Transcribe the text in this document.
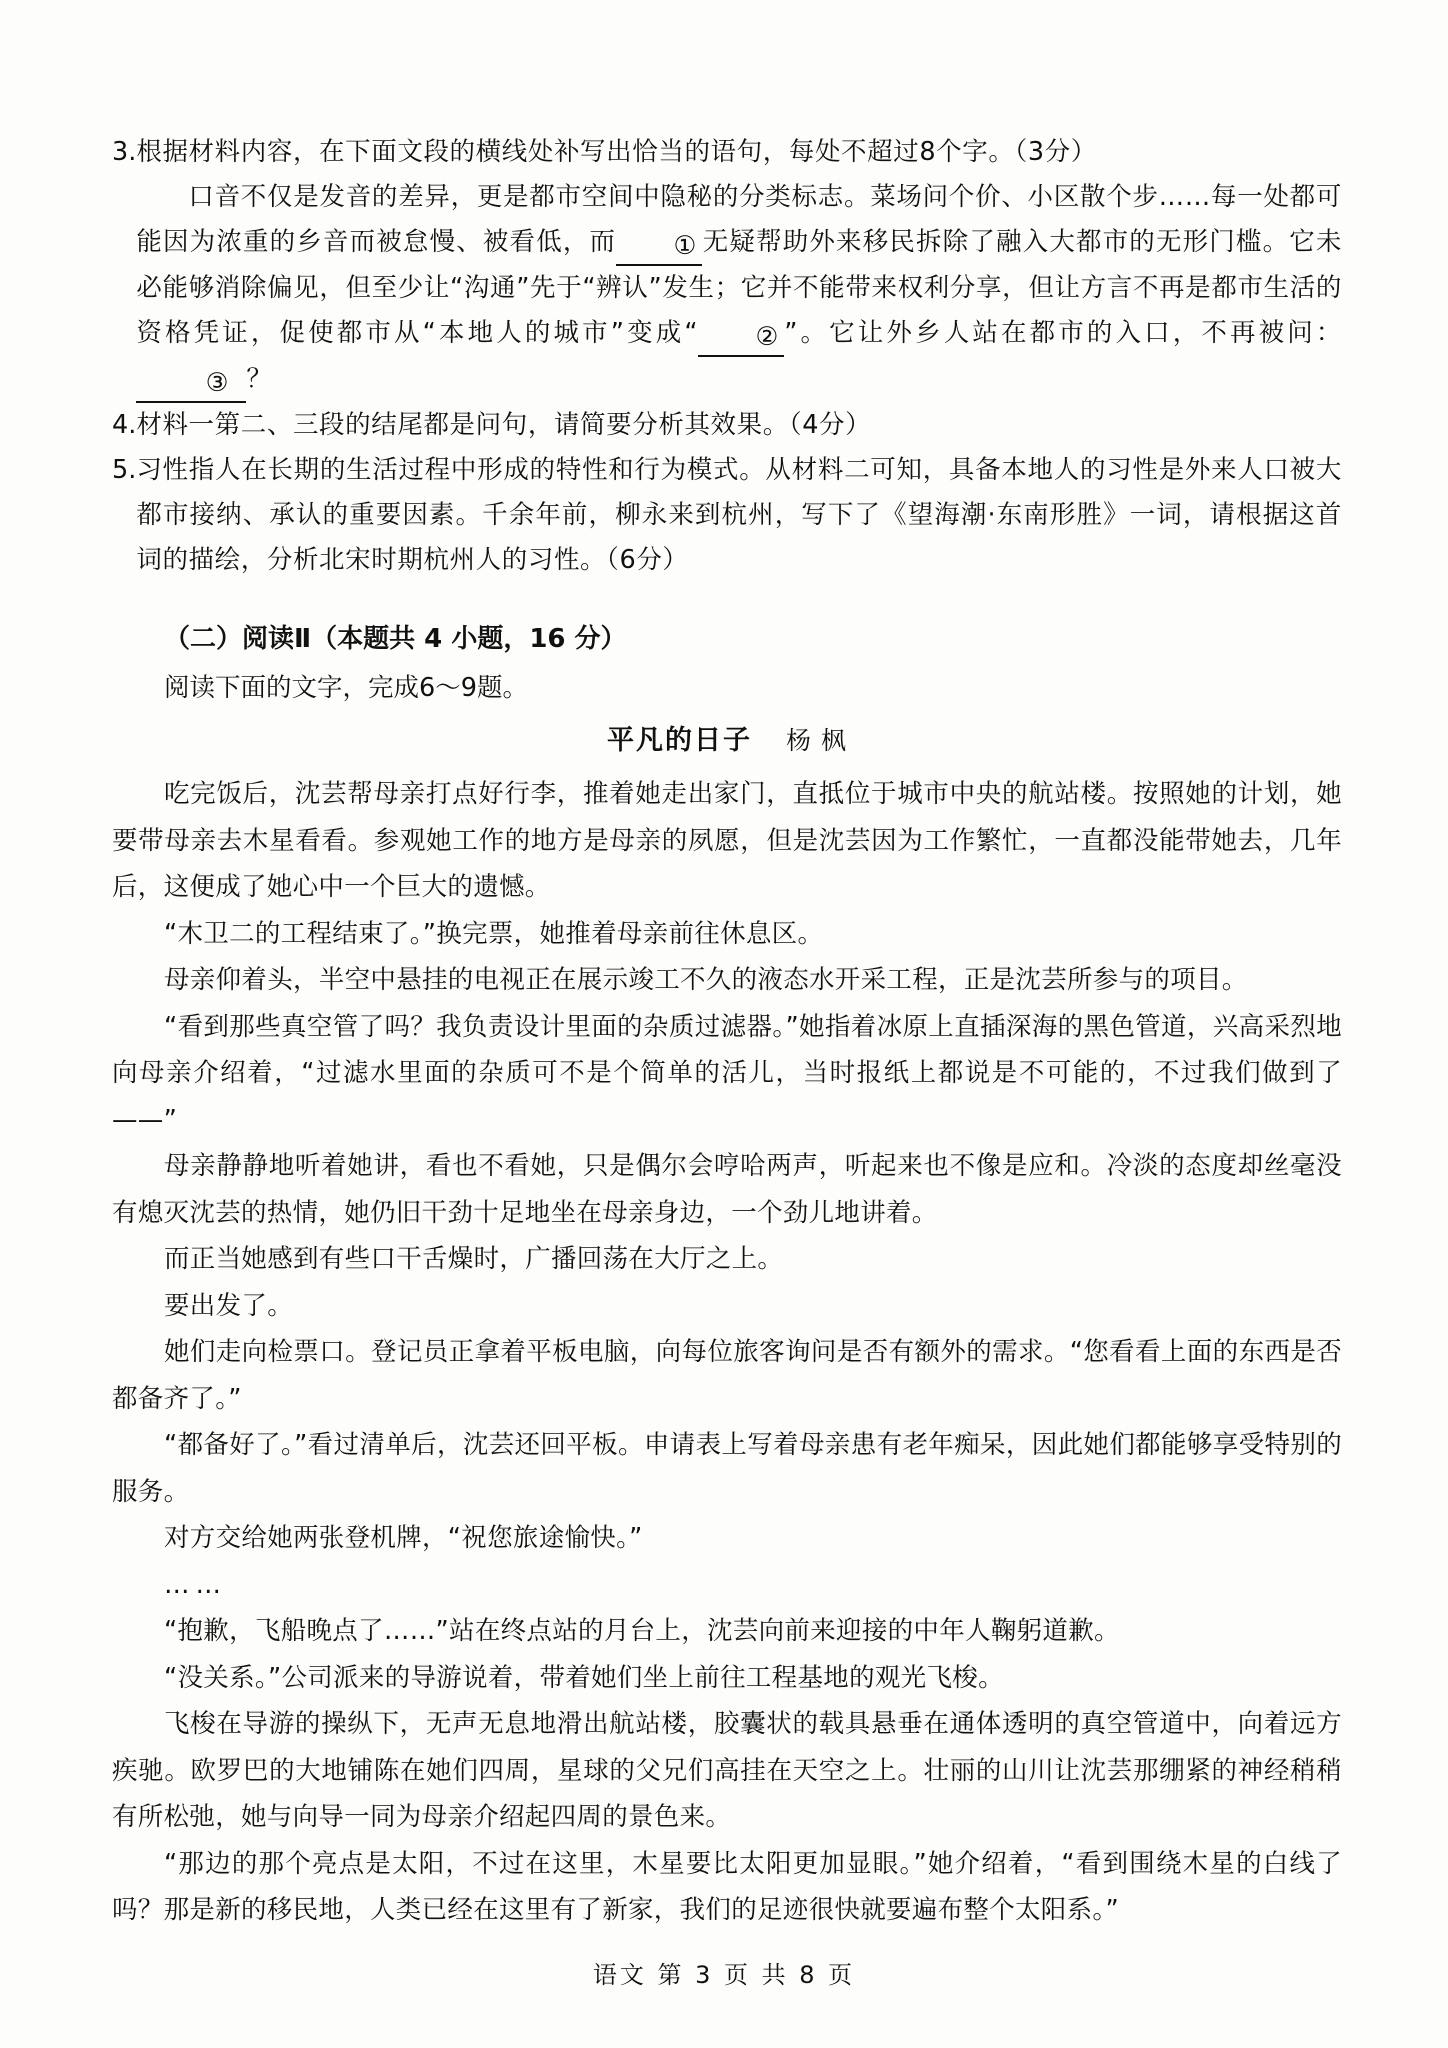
3. 根据材料内容，在下面文段的横线处补写出恰当的语句，每处不超过8个字。（3分）
口音不仅是发音的差异，更是都市空间中隐秘的分类标志。菜场问个价、小区散个步……每一处都可能因为浓重的乡音而被怠慢、被看低，而 ① 无疑帮助外来移民拆除了融入大都市的无形门槛。它未必能够消除偏见，但至少让“沟通”先于“辨认”发生；它并不能带来权利分享，但让方言不再是都市生活的资格凭证，促使都市从“本地人的城市”变成“ ② ”。它让外乡人站在都市的入口，不再被问：③ ？
4. 材料一第二、三段的结尾都是问句，请简要分析其效果。（4分）
5. 习性指人在长期的生活过程中形成的特性和行为模式。从材料二可知，具备本地人的习性是外来人口被大都市接纳、承认的重要因素。千余年前，柳永来到杭州，写下了《望海潮·东南形胜》一词，请根据这首词的描绘，分析北宋时期杭州人的习性。（6分）
（二）阅读Ⅱ（本题共 4 小题，16 分）
阅读下面的文字，完成6～9题。
平凡的日子 杨 枫
吃完饭后，沈芸帮母亲打点好行李，推着她走出家门，直抵位于城市中央的航站楼。按照她的计划，她要带母亲去木星看看。参观她工作的地方是母亲的夙愿，但是沈芸因为工作繁忙，一直都没能带她去，几年后，这便成了她心中一个巨大的遗憾。
“木卫二的工程结束了。”换完票，她推着母亲前往休息区。
母亲仰着头，半空中悬挂的电视正在展示竣工不久的液态水开采工程，正是沈芸所参与的项目。
“看到那些真空管了吗？我负责设计里面的杂质过滤器。”她指着冰原上直插深海的黑色管道，兴高采烈地向母亲介绍着，“过滤水里面的杂质可不是个简单的活儿，当时报纸上都说是不可能的，不过我们做到了——”
母亲静静地听着她讲，看也不看她，只是偶尔会哼哈两声，听起来也不像是应和。冷淡的态度却丝毫没有熄灭沈芸的热情，她仍旧干劲十足地坐在母亲身边，一个劲儿地讲着。
而正当她感到有些口干舌燥时，广播回荡在大厅之上。
要出发了。
她们走向检票口。登记员正拿着平板电脑，向每位旅客询问是否有额外的需求。“您看看上面的东西是否都备齐了。”
“都备好了。”看过清单后，沈芸还回平板。申请表上写着母亲患有老年痴呆，因此她们都能够享受特别的服务。
对方交给她两张登机牌，“祝您旅途愉快。”
……
“抱歉，飞船晚点了……”站在终点站的月台上，沈芸向前来迎接的中年人鞠躬道歉。
“没关系。”公司派来的导游说着，带着她们坐上前往工程基地的观光飞梭。
飞梭在导游的操纵下，无声无息地滑出航站楼，胶囊状的载具悬垂在通体透明的真空管道中，向着远方疾驰。欧罗巴的大地铺陈在她们四周，星球的父兄们高挂在天空之上。壮丽的山川让沈芸那绷紧的神经稍稍有所松弛，她与向导一同为母亲介绍起四周的景色来。
“那边的那个亮点是太阳，不过在这里，木星要比太阳更加显眼。”她介绍着，“看到围绕木星的白线了吗？那是新的移民地，人类已经在这里有了新家，我们的足迹很快就要遍布整个太阳系。”
语文 第 3 页 共 8 页
